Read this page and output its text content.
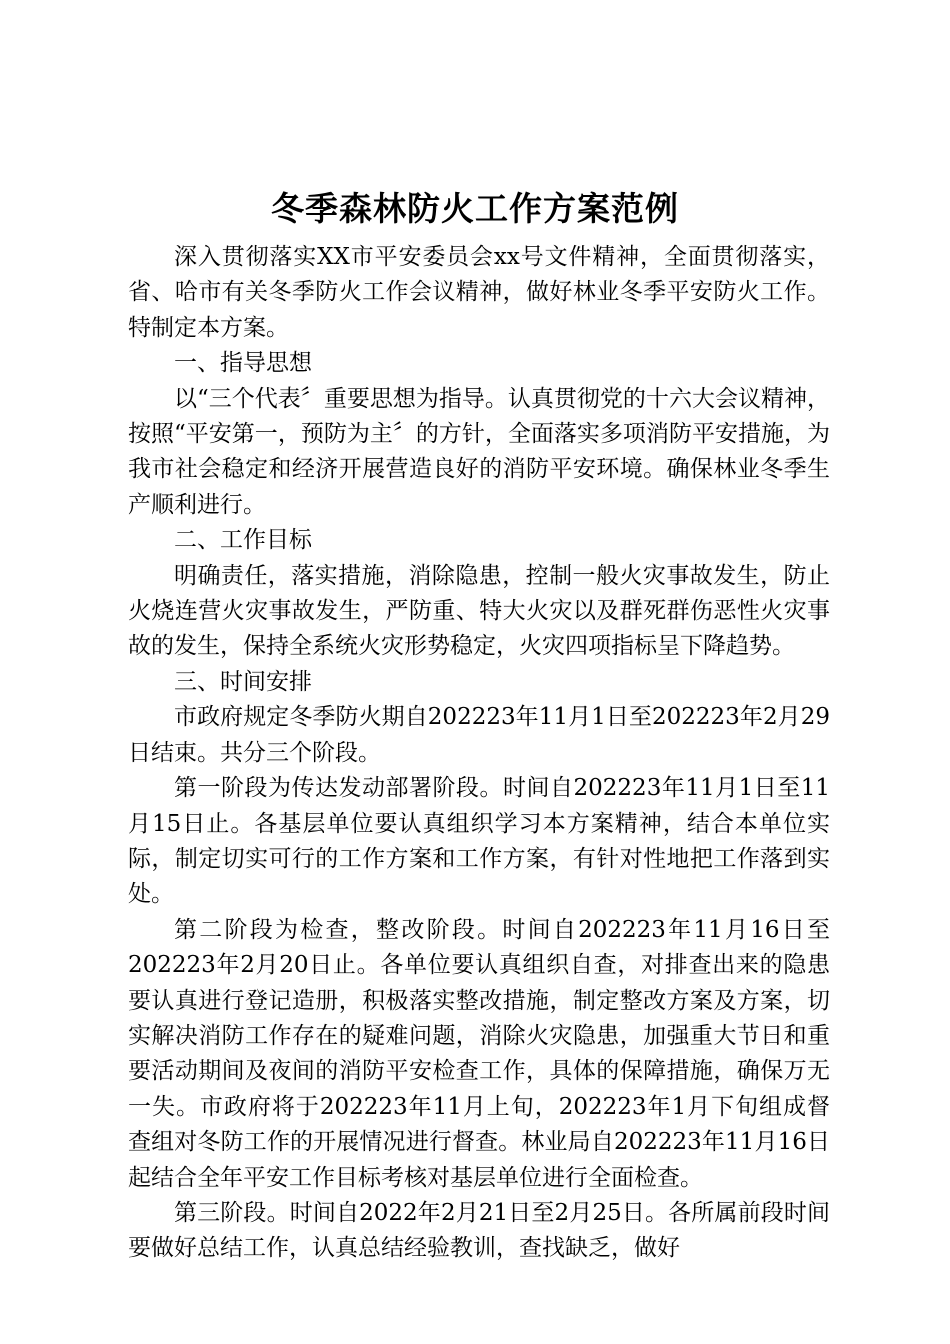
冬季森林防火工作方案范例

深入贯彻落实XX市平安委员会xx号文件精神，全面贯彻落实，省、哈市有关冬季防火工作会议精神，做好林业冬季平安防火工作。特制定本方案。

一、指导思想

以“三个代表〞重要思想为指导。认真贯彻党的十六大会议精神，按照“平安第一，预防为主〞的方针，全面落实多项消防平安措施，为我市社会稳定和经济开展营造良好的消防平安环境。确保林业冬季生产顺利进行。

二、工作目标

明确责任，落实措施，消除隐患，控制一般火灾事故发生，防止火烧连营火灾事故发生，严防重、特大火灾以及群死群伤恶性火灾事故的发生，保持全系统火灾形势稳定，火灾四项指标呈下降趋势。

三、时间安排

市政府规定冬季防火期自202223年11月1日至202223年2月29日结束。共分三个阶段。

第一阶段为传达发动部署阶段。时间自202223年11月1日至11月15日止。各基层单位要认真组织学习本方案精神，结合本单位实际，制定切实可行的工作方案和工作方案，有针对性地把工作落到实处。

第二阶段为检查，整改阶段。时间自202223年11月16日至202223年2月20日止。各单位要认真组织自查，对排查出来的隐患要认真进行登记造册，积极落实整改措施，制定整改方案及方案，切实解决消防工作存在的疑难问题，消除火灾隐患，加强重大节日和重要活动期间及夜间的消防平安检查工作，具体的保障措施，确保万无一失。市政府将于202223年11月上旬，202223年1月下旬组成督查组对冬防工作的开展情况进行督查。林业局自202223年11月16日起结合全年平安工作目标考核对基层单位进行全面检查。

第三阶段。时间自2022年2月21日至2月25日。各所属前段时间要做好总结工作，认真总结经验教训，查找缺乏，做好
